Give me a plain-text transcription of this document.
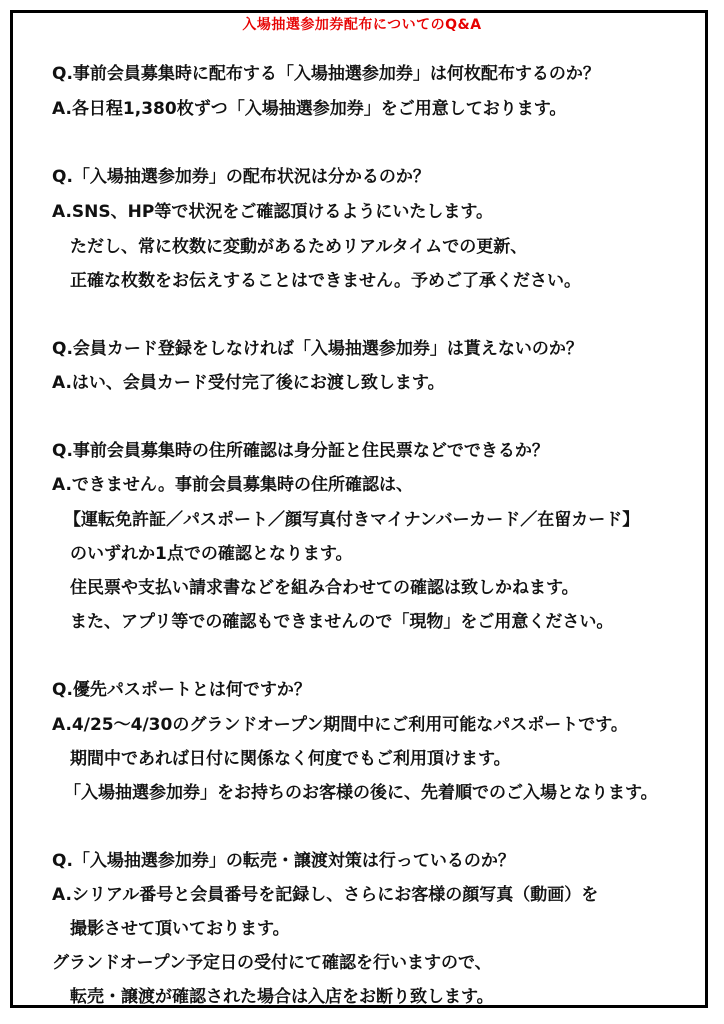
入場抽選参加券配布についてのQ&A
Q.事前会員募集時に配布する「入場抽選参加券」は何枚配布するのか？
A.各日程1,380枚ずつ「入場抽選参加券」をご用意しております。
Q.「入場抽選参加券」の配布状況は分かるのか？
A.SNS、HP等で状況をご確認頂けるようにいたします。
ただし、常に枚数に変動があるためリアルタイムでの更新、
正確な枚数をお伝えすることはできません。予めご了承ください。
Q.会員カード登録をしなければ「入場抽選参加券」は貰えないのか？
A.はい、会員カード受付完了後にお渡し致します。
Q.事前会員募集時の住所確認は身分証と住民票などでできるか？
A.できません。事前会員募集時の住所確認は、
【運転免許証／パスポート／顔写真付きマイナンバーカード／在留カード】
のいずれか1点での確認となります。
住民票や支払い請求書などを組み合わせての確認は致しかねます。
また、アプリ等での確認もできませんので「現物」をご用意ください。
Q.優先パスポートとは何ですか？
A.4/25～4/30のグランドオープン期間中にご利用可能なパスポートです。
期間中であれば日付に関係なく何度でもご利用頂けます。
「入場抽選参加券」をお持ちのお客様の後に、先着順でのご入場となります。
Q.「入場抽選参加券」の転売・譲渡対策は行っているのか？
A.シリアル番号と会員番号を記録し、さらにお客様の顔写真（動画）を
撮影させて頂いております。
グランドオープン予定日の受付にて確認を行いますので、
転売・譲渡が確認された場合は入店をお断り致します。
